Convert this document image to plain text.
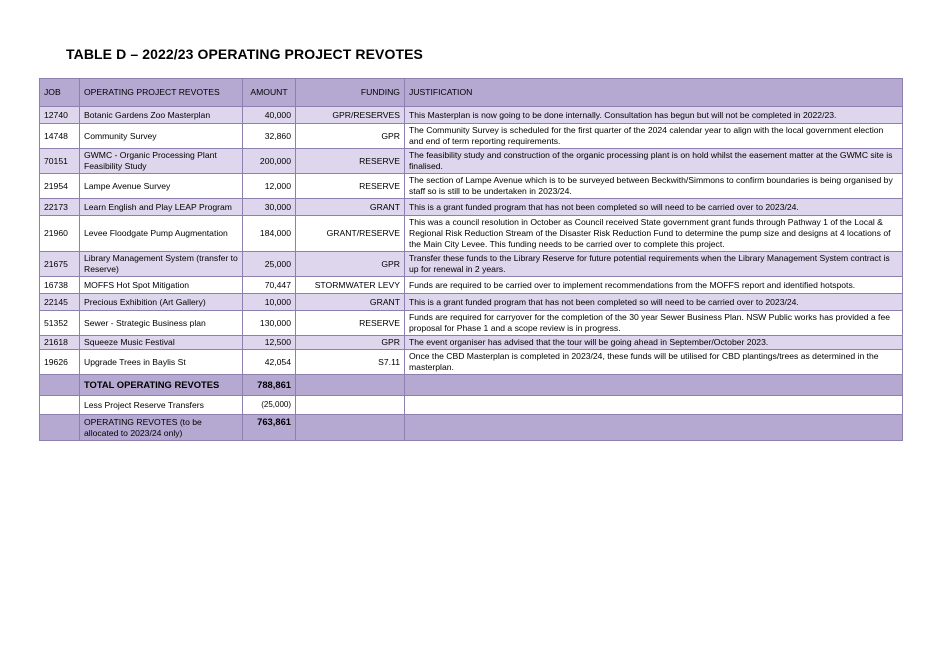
TABLE D – 2022/23 OPERATING PROJECT REVOTES
JOB	OPERATING PROJECT REVOTES	AMOUNT	FUNDING	JUSTIFICATION
12740	Botanic Gardens Zoo Masterplan	40,000	GPR/RESERVES	This Masterplan is now going to be done internally. Consultation has begun but will not be completed in 2022/23.
14748	Community Survey	32,860	GPR	The Community Survey is scheduled for the first quarter of the 2024 calendar year to align with the local government election and end of term reporting requirements.
70151	GWMC - Organic Processing Plant Feasibility Study	200,000	RESERVE	The feasibility study and construction of the organic processing plant is on hold whilst the easement matter at the GWMC site is finalised.
21954	Lampe Avenue Survey	12,000	RESERVE	The section of Lampe Avenue which is to be surveyed between Beckwith/Simmons to confirm boundaries is being organised by staff so is still to be undertaken in 2023/24.
22173	Learn English and Play LEAP Program	30,000	GRANT	This is a grant funded program that has not been completed so will need to be carried over to 2023/24.
21960	Levee Floodgate Pump Augmentation	184,000	GRANT/RESERVE	This was a council resolution in October as Council received State government grant funds through Pathway 1 of the Local & Regional Risk Reduction Stream of the Disaster Risk Reduction Fund to determine the pump size and designs at 4 locations of the Main City Levee. This funding needs to be carried over to complete this project.
21675	Library Management System (transfer to Reserve)	25,000	GPR	Transfer these funds to the Library Reserve for future potential requirements when the Library Management System contract is up for renewal in 2 years.
16738	MOFFS Hot Spot Mitigation	70,447	STORMWATER LEVY	Funds are required to be carried over to implement recommendations from the MOFFS report and identified hotspots.
22145	Precious Exhibition (Art Gallery)	10,000	GRANT	This is a grant funded program that has not been completed so will need to be carried over to 2023/24.
51352	Sewer - Strategic Business plan	130,000	RESERVE	Funds are required for carryover for the completion of the 30 year Sewer Business Plan. NSW Public works has provided a fee proposal for Phase 1 and a scope review is in progress.
21618	Squeeze Music Festival	12,500	GPR	The event organiser has advised that the tour will be going ahead in September/October 2023.
19626	Upgrade Trees in Baylis St	42,054	S7.11	Once the CBD Masterplan is completed in 2023/24, these funds will be utilised for CBD plantings/trees as determined in the masterplan.
	TOTAL OPERATING REVOTES	788,861		
	Less Project Reserve Transfers	(25,000)		
	OPERATING REVOTES (to be allocated to 2023/24 only)	763,861		
